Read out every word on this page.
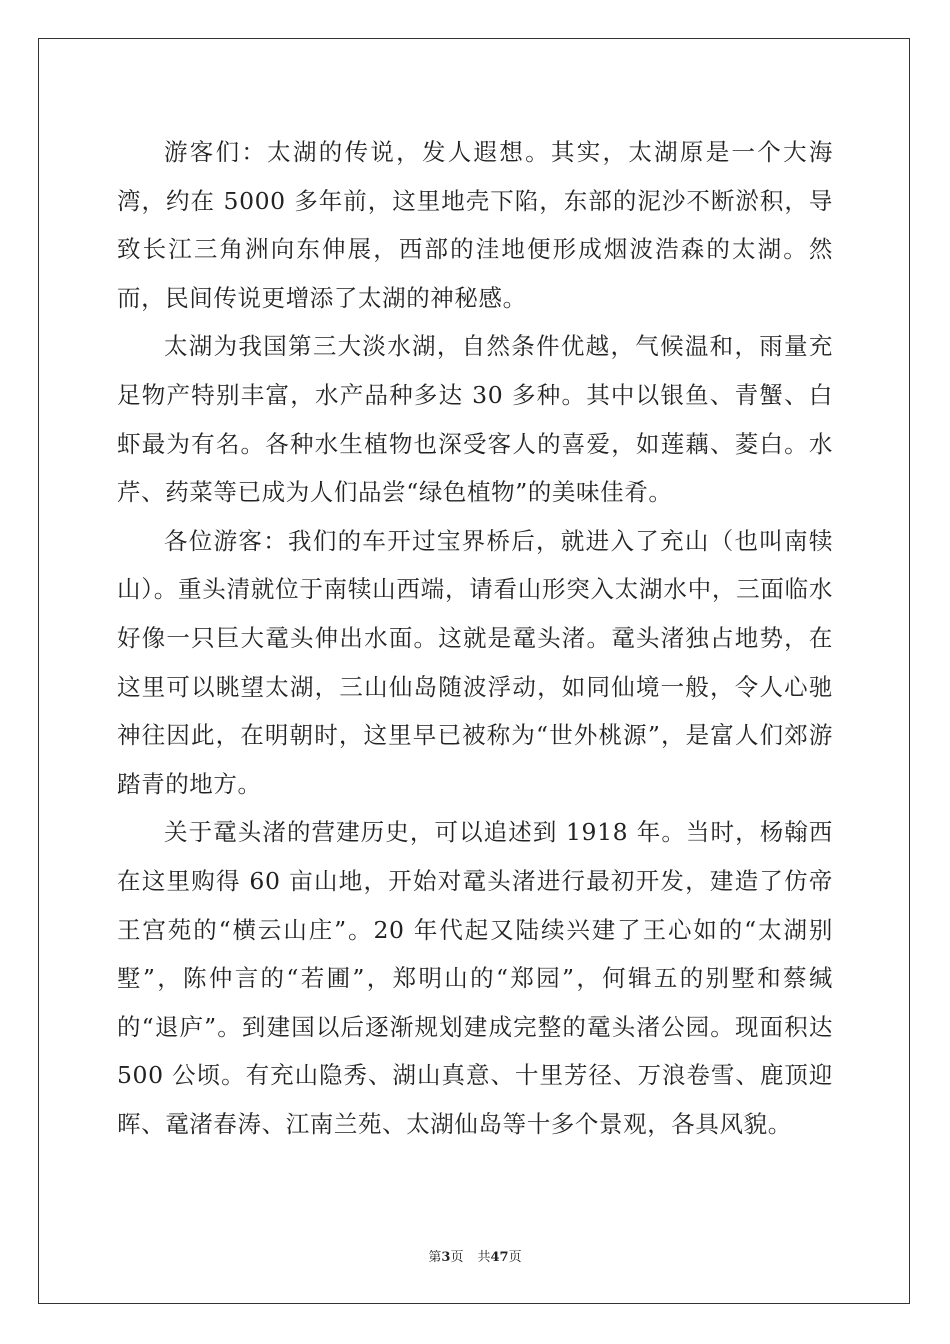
游客们：太湖的传说，发人遐想。其实，太湖原是一个大海湾，约在 5000 多年前，这里地壳下陷，东部的泥沙不断淤积，导致长江三角洲向东伸展，西部的洼地便形成烟波浩森的太湖。然而，民间传说更增添了太湖的神秘感。

太湖为我国第三大淡水湖，自然条件优越，气候温和，雨量充足物产特别丰富，水产品种多达 30 多种。其中以银鱼、青蟹、白虾最为有名。各种水生植物也深受客人的喜爱，如莲藕、菱白。水芹、药菜等已成为人们品尝“绿色植物”的美味佳肴。

各位游客：我们的车开过宝界桥后，就进入了充山（也叫南犊山）。重头清就位于南犊山西端，请看山形突入太湖水中，三面临水好像一只巨大鼋头伸出水面。这就是鼋头渚。鼋头渚独占地势，在这里可以眺望太湖，三山仙岛随波浮动，如同仙境一般，令人心驰神往因此，在明朝时，这里早已被称为“世外桃源”，是富人们郊游踏青的地方。

关于鼋头渚的营建历史，可以追述到 1918 年。当时，杨翰西在这里购得 60 亩山地，开始对鼋头渚进行最初开发，建造了仿帝王宫苑的“横云山庄”。20 年代起又陆续兴建了王心如的“太湖别墅”，陈仲言的“若圃”，郑明山的“郑园”，何辑五的别墅和蔡缄的“退庐”。到建国以后逐渐规划建成完整的鼋头渚公园。现面积达 500 公顷。有充山隐秀、湖山真意、十里芳径、万浪卷雪、鹿顶迎晖、鼋渚春涛、江南兰苑、太湖仙岛等十多个景观，各具风貌。

第3页 共47页
